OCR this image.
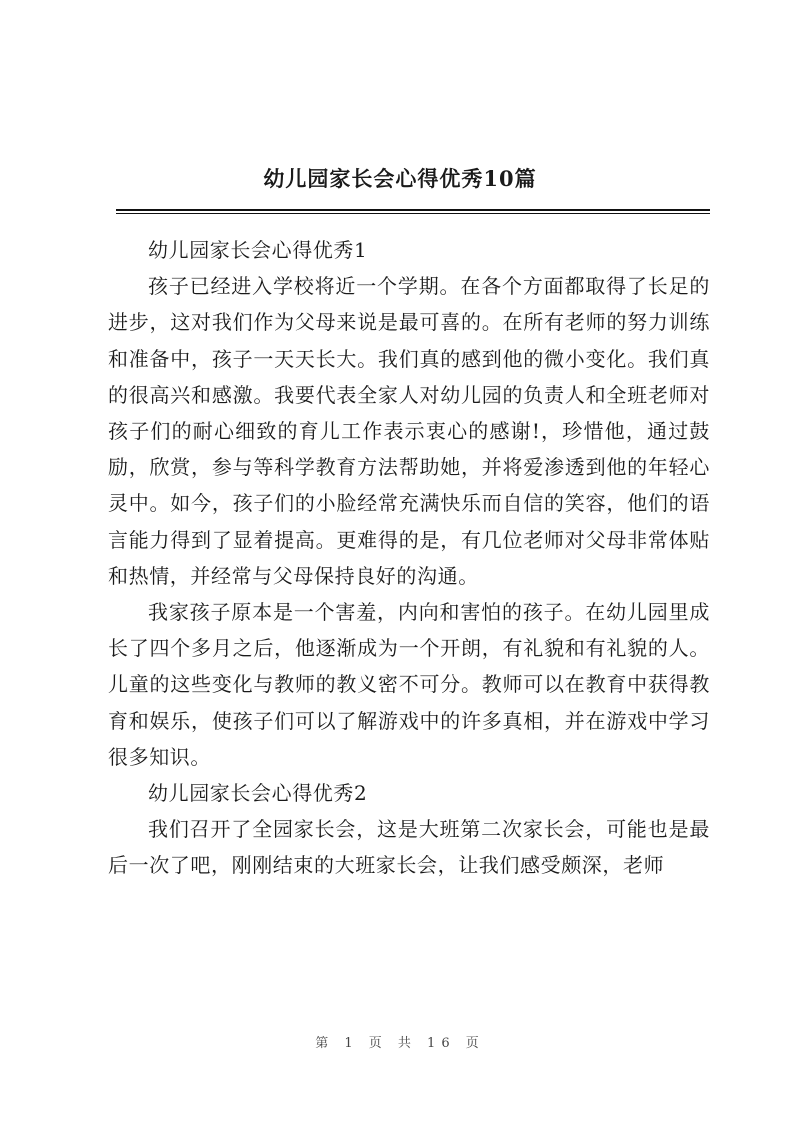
幼儿园家长会心得优秀10篇

幼儿园家长会心得优秀1

孩子已经进入学校将近一个学期。在各个方面都取得了长足的进步，这对我们作为父母来说是最可喜的。在所有老师的努力训练和准备中，孩子一天天长大。我们真的感到他的微小变化。我们真的很高兴和感激。我要代表全家人对幼儿园的负责人和全班老师对孩子们的耐心细致的育儿工作表示衷心的感谢!，珍惜他，通过鼓励，欣赏，参与等科学教育方法帮助她，并将爱渗透到他的年轻心灵中。如今，孩子们的小脸经常充满快乐而自信的笑容，他们的语言能力得到了显着提高。更难得的是，有几位老师对父母非常体贴和热情，并经常与父母保持良好的沟通。

我家孩子原本是一个害羞，内向和害怕的孩子。在幼儿园里成长了四个多月之后，他逐渐成为一个开朗，有礼貌和有礼貌的人。儿童的这些变化与教师的教义密不可分。教师可以在教育中获得教育和娱乐，使孩子们可以了解游戏中的许多真相，并在游戏中学习很多知识。

幼儿园家长会心得优秀2

我们召开了全园家长会，这是大班第二次家长会，可能也是最后一次了吧，刚刚结束的大班家长会，让我们感受颇深，老师

第 1 页 共 16 页
